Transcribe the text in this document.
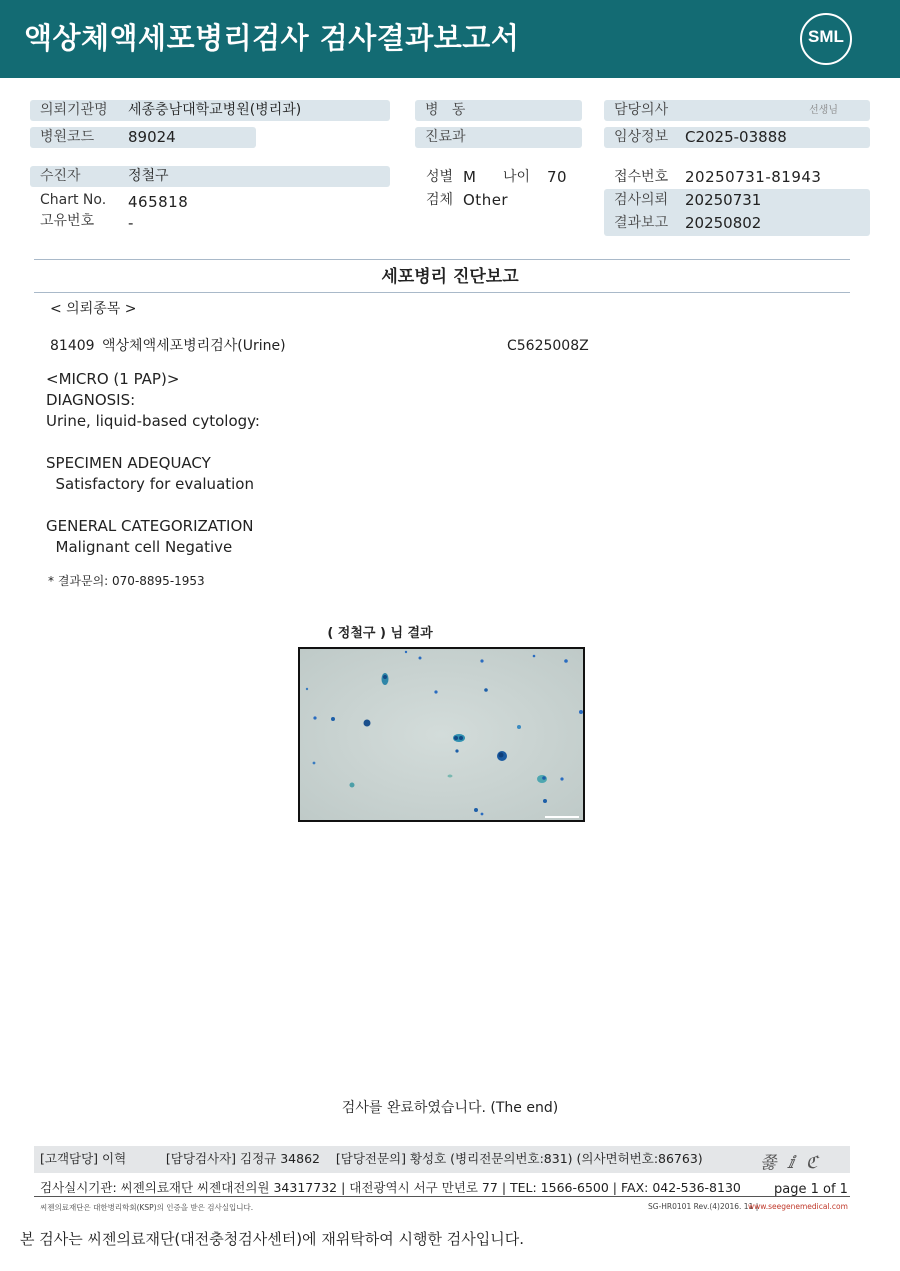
액상체액세포병리검사 검사결과보고서	SML
의뢰기관명 세종충남대학교병원(병리과)
병원코드 89024
수진자	정철구
Chart No. 465818
고유번호 -
병   동
진료과
성별 M 나이 70
검체 Other
담당의사	선생님
임상정보 C2025-03888
접수번호 20250731-81943
검사의뢰 20250731
결과보고 20250802
세포병리 진단보고
< 의뢰종목 >
81409 액상체액세포병리검사(Urine)	C5625008Z
<MICRO (1 PAP)>
DIAGNOSIS:
Urine, liquid-based cytology:
SPECIMEN ADEQUACY
Satisfactory for evaluation
GENERAL CATEGORIZATION
Malignant cell Negative
* 결과문의: 070-8895-1953
( 정철구 ) 님 결과
검사를 완료하였습니다. (The end)
[고객담당] 이혁          [담당검사자] 김정규 34862    [담당전문의] 황성호 (병리전문의번호:831) (의사면허번호:86763)	쬻 ⅈ ℭ
검사실시기관: 씨젠의료재단 씨젠대전의원 34317732 | 대전광역시 서구 만년로 77 | TEL: 1566-6500 | FAX: 042-536-8130	page 1 of 1
씨젠의료재단은 대한병리학회(KSP)의 인증을 받은 검사실입니다.	SG-HR0101 Rev.(4)2016. 11 |
www.seegenemedical.com
본 검사는 씨젠의료재단(대전충청검사센터)에 재위탁하여 시행한 검사입니다.
